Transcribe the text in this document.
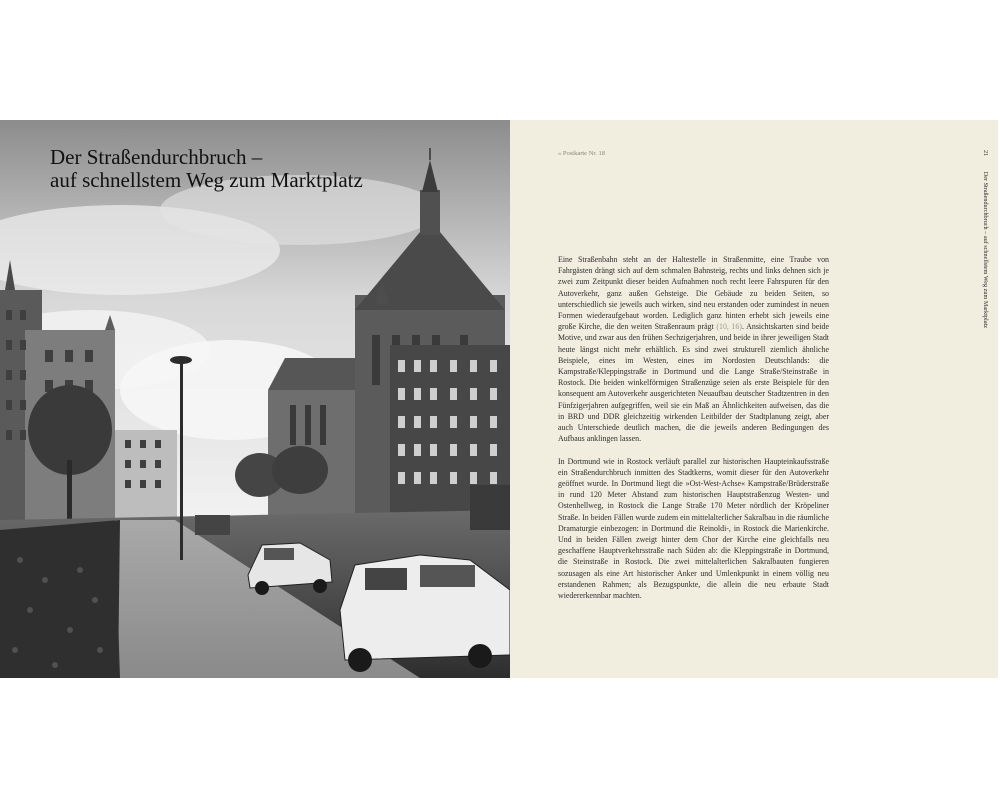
Der Straßendurchbruch –
auf schnellstem Weg zum Marktplatz
« Postkarte Nr. 18	21 Der Straßendurchbruch – auf schnellstem Weg zum Marktplatz

Eine Straßenbahn steht an der Haltestelle in Straßenmitte, eine Traube von Fahrgästen drängt sich auf dem schmalen Bahnsteig, rechts und links dehnen sich je zwei zum Zeitpunkt dieser beiden Aufnahmen noch recht leere Fahrspuren für den Autoverkehr, ganz außen Gehsteige. Die Gebäude zu beiden Seiten, so unterschiedlich sie jeweils auch wirken, sind neu erstanden oder zumindest in neuen Formen wiederaufgebaut worden. Lediglich ganz hinten erhebt sich jeweils eine große Kirche, die den weiten Straßenraum prägt (10, 16). Ansichtskarten sind beide Motive, und zwar aus den frühen Sechzigerjahren, und beide in ihrer jeweiligen Stadt heute längst nicht mehr erhältlich. Es sind zwei strukturell ziemlich ähnliche Beispiele, eines im Westen, eines im Nordosten Deutschlands: die Kampstraße/Kleppingstraße in Dortmund und die Lange Straße/Steinstraße in Rostock. Die beiden winkelförmigen Straßenzüge seien als erste Beispiele für den konsequent am Autoverkehr ausgerichteten Neuaufbau deutscher Stadtzentren in den Fünfzigerjahren aufgegriffen, weil sie ein Maß an Ähnlichkeiten aufweisen, das die in BRD und DDR gleichzeitig wirkenden Leitbilder der Stadtplanung zeigt, aber auch Unterschiede deutlich machen, die die jeweils anderen Bedingungen des Aufbaus anklingen lassen.

In Dortmund wie in Rostock verläuft parallel zur historischen Haupteinkaufsstraße ein Straßendurchbruch inmitten des Stadtkerns, womit dieser für den Autoverkehr geöffnet wurde. In Dortmund liegt die »Ost-West-Achse« Kampstraße/Brüderstraße in rund 120 Meter Abstand zum historischen Hauptstraßenzug Westen- und Ostenhellweg, in Rostock die Lange Straße 170 Meter nördlich der Kröpeliner Straße. In beiden Fällen wurde zudem ein mittelalterlicher Sakralbau in die räumliche Dramaturgie einbezogen: in Dortmund die Reinoldi-, in Rostock die Marienkirche. Und in beiden Fällen zweigt hinter dem Chor der Kirche eine gleichfalls neu geschaffene Hauptverkehrsstraße nach Süden ab: die Kleppingstraße in Dortmund, die Steinstraße in Rostock. Die zwei mittelalterlichen Sakralbauten fungieren sozusagen als eine Art historischer Anker und Umlenkpunkt in einem völlig neu erstandenen Rahmen; als Bezugspunkte, die allein die neu erbaute Stadt wiedererkennbar machten.
